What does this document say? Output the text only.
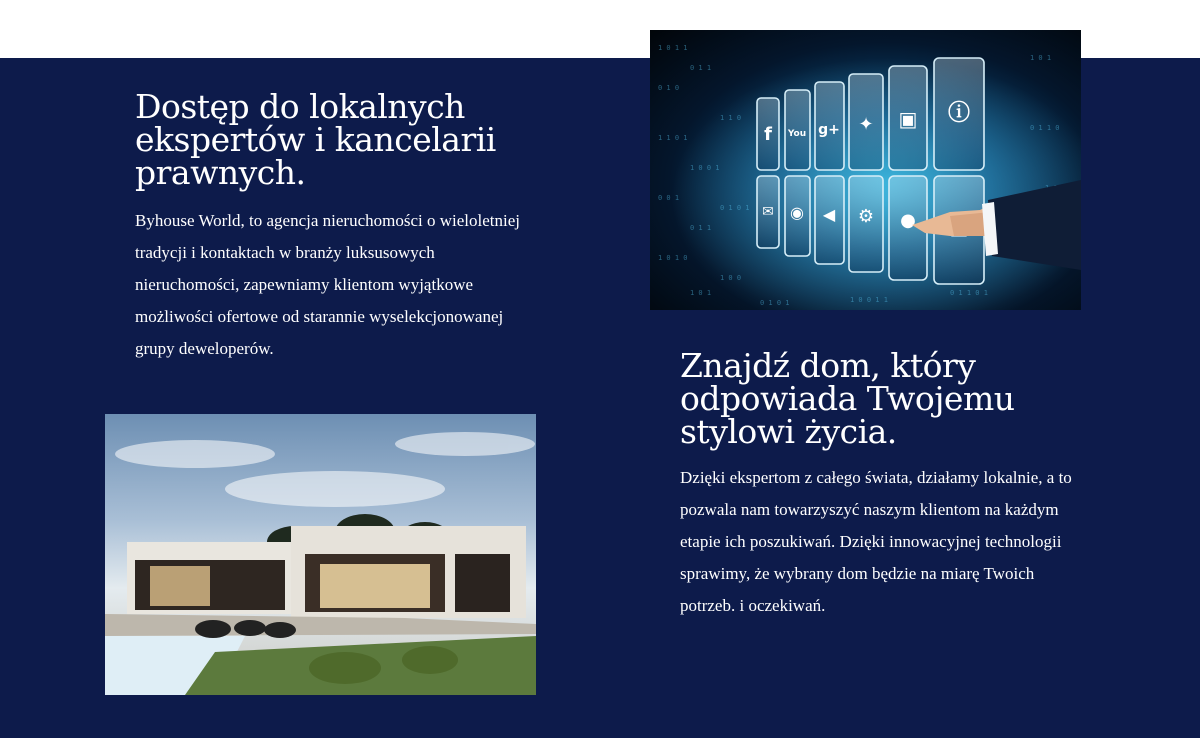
Dostęp do lokalnych ekspertów i kancelarii prawnych.

Byhouse World, to agencja nieruchomości o wieloletniej tradycji i kontaktach w branży luksusowych nieruchomości, zapewniamy klientom wyjątkowe możliwości ofertowe od starannie wyselekcjonowanej grupy deweloperów.

1 0 1 1
0 1 0
1 1 0 1
0 0 1
1 0 1 0
0 1 1
1 0 0 1
0 1 1
1 0 1
1 1 0
0 1 0 1
1 0 0
1 0 1
0 1 1 0
0 1 1 0 1
1 0 0 1 1
0 1 0 1
f You g+ ✦ ▣ ⓘ
✉ ◉ ◀ ⚙ ●
Znajdź dom, który odpowiada Twojemu stylowi życia.

Dzięki ekspertom z całego świata, działamy lokalnie, a to pozwala nam towarzyszyć naszym klientom na każdym etapie ich poszukiwań. Dzięki innowacyjnej technologii sprawimy, że wybrany dom będzie na miarę Twoich potrzeb. i oczekiwań.
